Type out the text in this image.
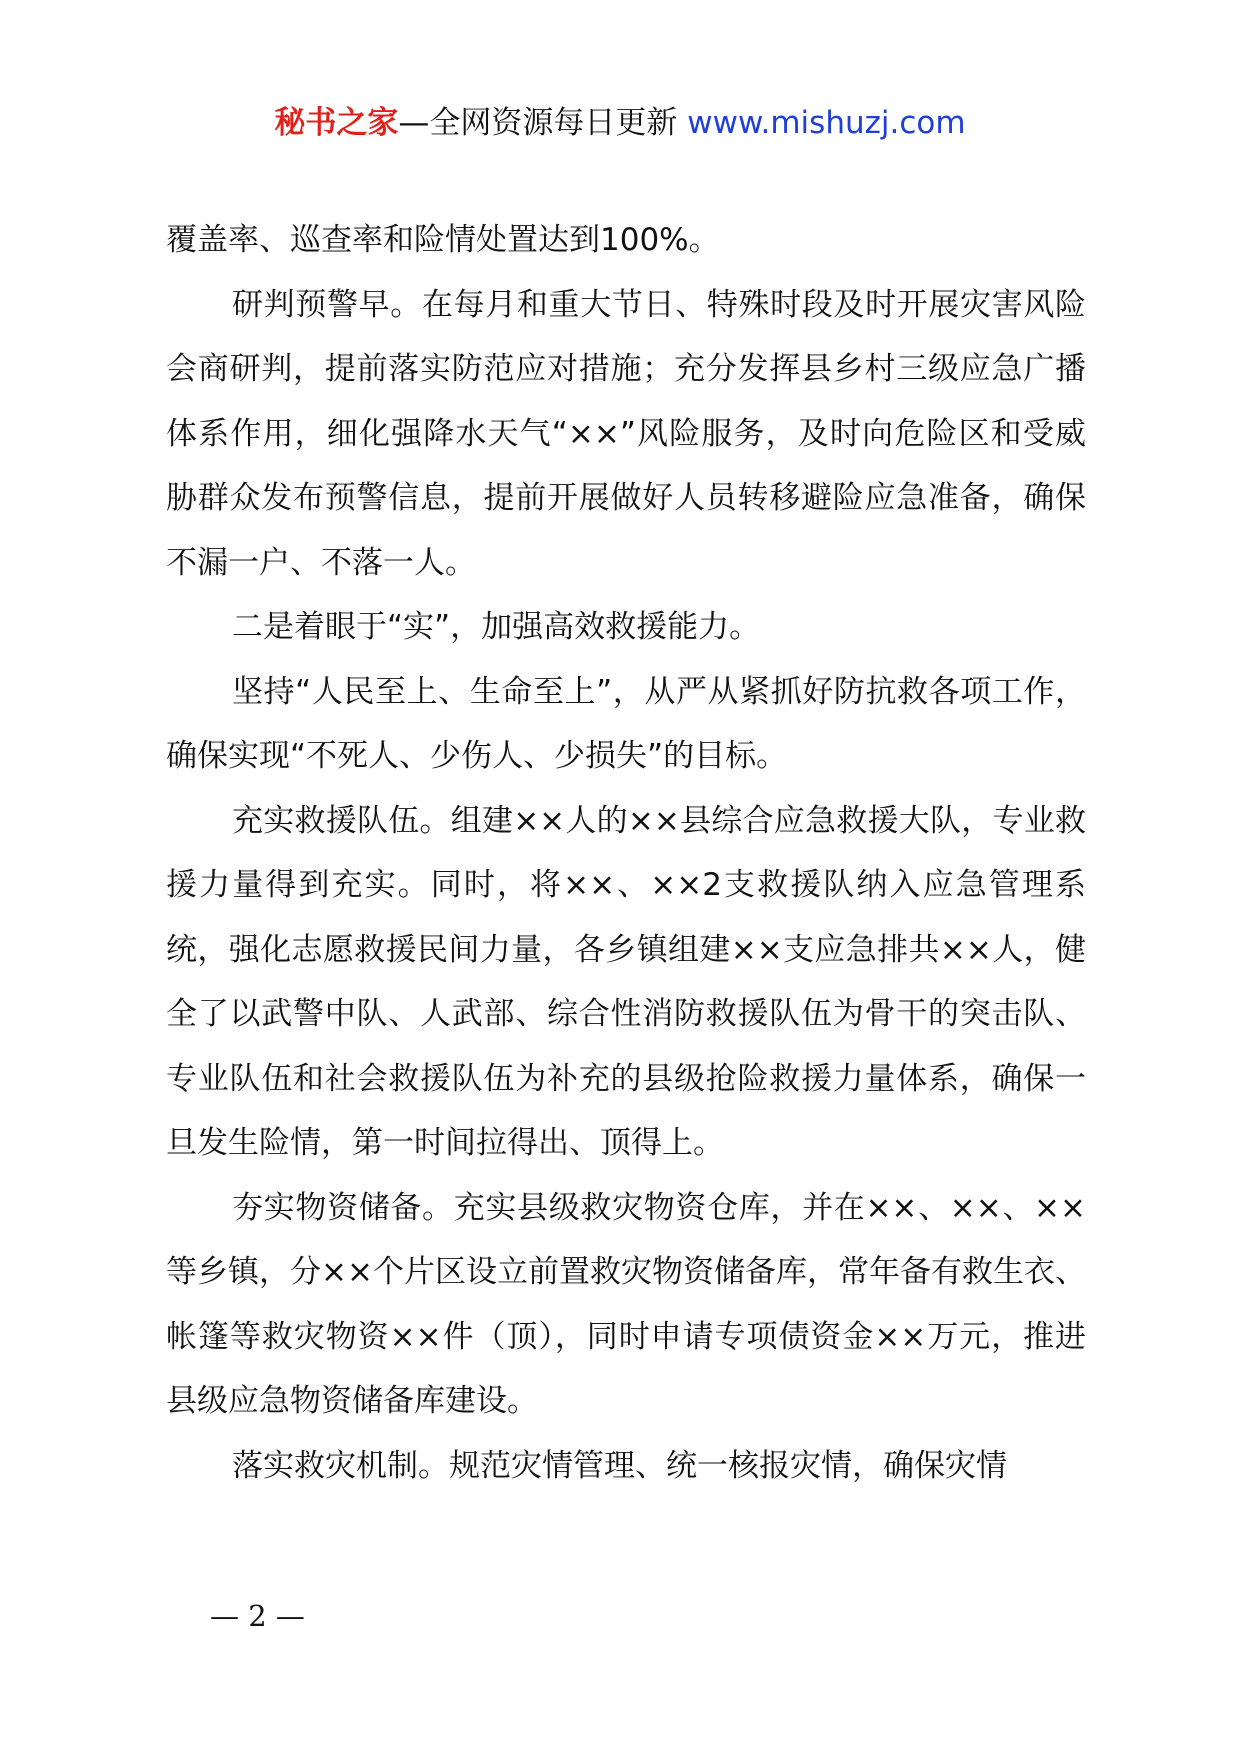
秘书之家—全网资源每日更新 www.mishuzj.com

覆盖率、巡查率和险情处置达到100%。

研判预警早。在每月和重大节日、特殊时段及时开展灾害风险会商研判，提前落实防范应对措施；充分发挥县乡村三级应急广播体系作用，细化强降水天气“××”风险服务，及时向危险区和受威胁群众发布预警信息，提前开展做好人员转移避险应急准备，确保不漏一户、不落一人。

二是着眼于“实”，加强高效救援能力。

坚持“人民至上、生命至上”，从严从紧抓好防抗救各项工作，确保实现“不死人、少伤人、少损失”的目标。

充实救援队伍。组建××人的××县综合应急救援大队，专业救援力量得到充实。同时，将××、××2支救援队纳入应急管理系统，强化志愿救援民间力量，各乡镇组建××支应急排共××人，健全了以武警中队、人武部、综合性消防救援队伍为骨干的突击队、专业队伍和社会救援队伍为补充的县级抢险救援力量体系，确保一旦发生险情，第一时间拉得出、顶得上。

夯实物资储备。充实县级救灾物资仓库，并在××、××、××等乡镇，分××个片区设立前置救灾物资储备库，常年备有救生衣、帐篷等救灾物资××件（顶），同时申请专项债资金××万元，推进县级应急物资储备库建设。

落实救灾机制。规范灾情管理、统一核报灾情，确保灾情

— 2 —
